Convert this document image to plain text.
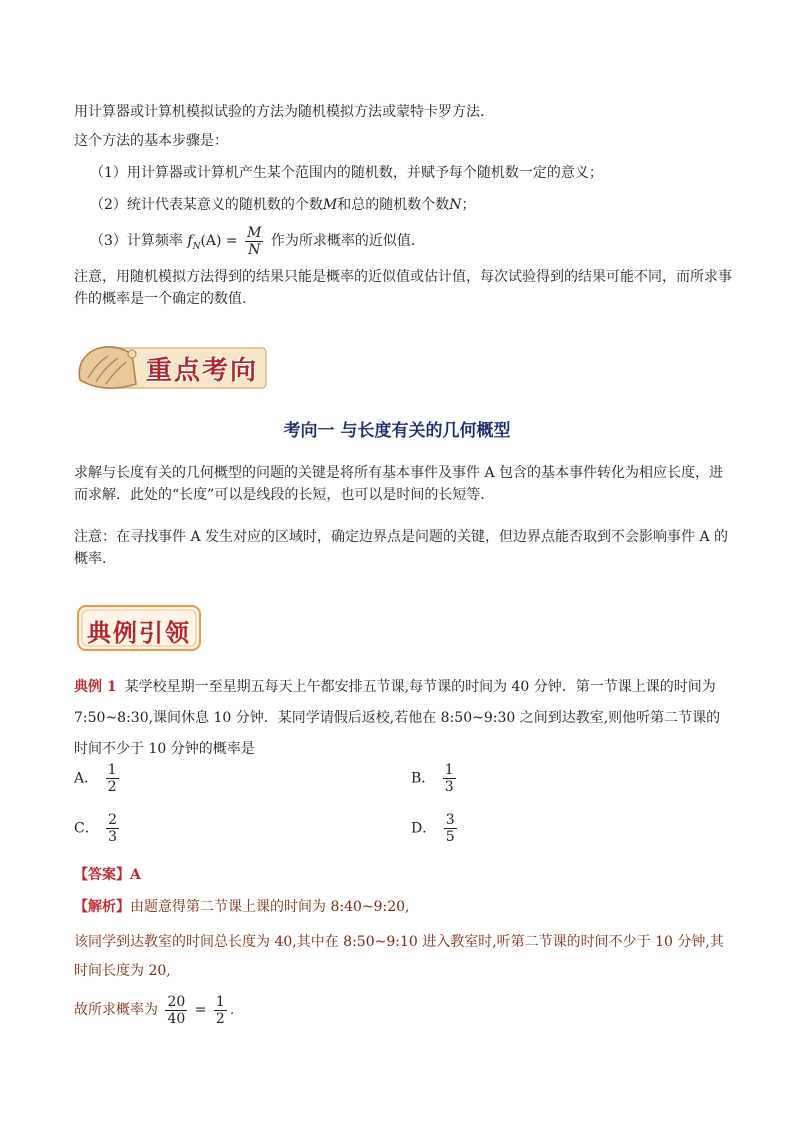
用计算器或计算机模拟试验的方法为随机模拟方法或蒙特卡罗方法.
这个方法的基本步骤是：
（1）用计算器或计算机产生某个范围内的随机数，并赋予每个随机数一定的意义；
（2）统计代表某意义的随机数的个数M和总的随机数个数N；
（3）计算频率 $f_N(A) = \frac{M}{N}$ 作为所求概率的近似值.
注意，用随机模拟方法得到的结果只能是概率的近似值或估计值，每次试验得到的结果可能不同，而所求事件的概率是一个确定的数值.
重点考向
考向一 与长度有关的几何概型
求解与长度有关的几何概型的问题的关键是将所有基本事件及事件 A 包含的基本事件转化为相应长度，进而求解．此处的“长度”可以是线段的长短，也可以是时间的长短等.
注意：在寻找事件 A 发生对应的区域时，确定边界点是问题的关键，但边界点能否取到不会影响事件 A 的概率.
典例引领
典例 1 某学校星期一至星期五每天上午都安排五节课,每节课的时间为 40 分钟．第一节课上课的时间为 7:50~8:30,课间休息 10 分钟．某同学请假后返校,若他在 8:50~9:30 之间到达教室,则他听第二节课的时间不少于 10 分钟的概率是
A． $\frac{1}{2}$	B． $\frac{1}{3}$
C． $\frac{2}{3}$	D． $\frac{3}{5}$
【答案】A
【解析】由题意得第二节课上课的时间为 8:40~9:20,
该同学到达教室的时间总长度为 40,其中在 8:50~9:10 进入教室时,听第二节课的时间不少于 10 分钟,其时间长度为 20,
故所求概率为 $\frac{20}{40} = \frac{1}{2}$ .
